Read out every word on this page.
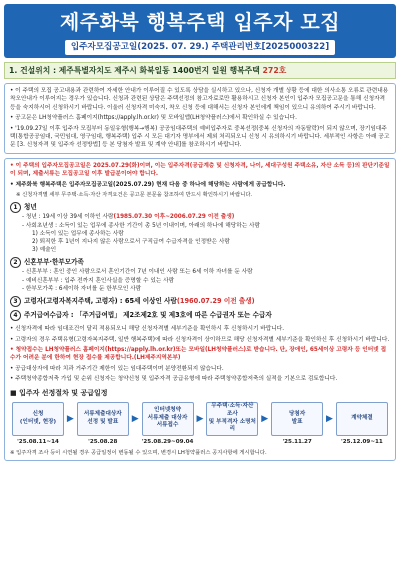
제주화북 행복주택 입주자 모집
입주자모집공고일(2025. 07. 29.) 주택관리번호[2025000322]
1. 건설위치 : 제주특별자치도 제주시 화북일동 1400번지 일원 행복주택 272호

• 이 주택의 모집 공고내용과 관련하여 자세한 안내가 이루어질 수 있도록 상담을 실시하고 있으나, 신청자 개별 상황 등에 대한 의사소통 오류로 관련내용 착오안내가 이루어지는 경우가 있습니다. 신청과 관련된 상담은 주택선정의 참고자료로만 활용하시고 신청자 본인이 입주자 모집공고문을 통해 신청자격 등을 숙지하시어 신청하시기 바랍니다. 이울러 신청자격 미숙지, 착오 신청 등에 대해서는 신청자 본인에게 책임이 있으니 유의하여 주시기 바랍니다.

• 공고문은 LH청약플러스 홈페이지(https://apply.lh.or.kr) 및 모바일앱(LH청약플러스)에서 확인하실 수 있습니다.

• '19.09.27일 이후 입주자 모집부터 동일유형(행복→행복) 공공임대주택의 예비입주자로 중복선정(중복 신청자의 자동탈락)이 되지 않으며, 장기임대주택(통합공공임대, 국민임대, 영구임대, 행복주택) 입주 시 모든 대기자 명부에서 제외 처리되오니 신청 시 유의하시기 바랍니다. 세부적인 사항은 아래 공고문 [3. 신청자격 및 입주자 선정방법] 등 본 당첨자 발표 및 계약 안내]를 참조하시기 바랍니다.

• 이 주택의 입주자모집공고일은 2025.07.29(화)이며, 이는 입주자격(공급계층 및 신청자격, 나이, 세대구성원 주택소유, 자산 소득 등)의 판단기준일이 되며, 제출서류는 모집공고일 이후 발급분이어야 합니다.

• 제주화북 행복주택은 입주자모집공고일(2025.07.29) 현재 다음 중 하나에 해당하는 사람에게 공급합니다.

※ 신청자격별 세부 무주택·소득·자산 자격요건은 공고문 본문을 참조하여 반드시 확인하시기 바랍니다.

1 청년

- 청년 : 19세 이상 39세 이하인 사람(1985.07.30 이후~2006.07.29 이전 출생)

- 사회초년생 : 소득이 있는 업무에 종사한 기간이 총 5년 이내이며, 아래의 하나에 해당하는 사람

1) 소득이 있는 업무에 종사하는 사람

2) 퇴직한 후 1년이 지나지 않은 사람으로서 구직급여 수급자격을 인정받은 사람

3) 예술인

2 신혼부부·한부모가족

- 신혼부부 : 혼인 중인 사람으로서 혼인기간이 7년 이내인 사람 또는 6세 이하 자녀를 둔 사람

- 예비신혼부부 : 입주 전까지 혼인사실을 증명할 수 있는 사람

- 한부모가족 : 6세이하 자녀를 둔 한부모인 사람

3 고령자(고령자복지주택, 고령자) : 65세 이상인 사람(1960.07.29 이전 출생)
4 주거급여수급자 : 「주거급여법」 제2조제2호 및 제3호에 따른 수급권자 또는 수급자

• 신청자격에 따라 임대조건이 달리 적용되오니 해당 신청자격별 세부기준을 확인하시 후 신청하시기 바랍니다.

• 고령자의 경우 주택유형(고령자복지주택, 일반 행복주택)에 따라 신청자격이 상이하므로 해당 신청자격별 세부기준을 확인하신 후 신청하시기 바랍니다.

• 청약접수는 LH청약플러스 홈페이지(https://apply.lh.or.kr)또는 모바일(LH청약플러스)로 받습니다. 단, 장애인, 65세이상 고령자 등 인터넷 접수가 어려운 분에 한하여 현장 접수를 제공합니다.(LH제주지역본부)

• 공급대상자에 따라 치과 거주기간 제한이 있는 임대주택이며 분양전환되지 않습니다.

• 주택청약종합저축 가입 및 순위 신청자는 청약신청 및 입주자격 공급유형에 따라 주택청약종합저축의 실적을 기본으로 검토합니다.

■ 입주자 선정절차 및 공급일정
신청
(인터넷, 현장)
'25.08.11~14
▶ 서류제출대상자
선정 및 발표
'25.08.28
▶
인터넷청약
서류제출 대상자
서류접수
'25.08.29~09.04
▶
무주택·소득·자산 조사
및 부적격자 소명처리
▶	당첨자
발표
'25.11.27
▶	계약체결
'25.12.09~11

※ 입주자격 조사 등이 시연될 경우 공급일정이 변동될 수 있으며, 변경시 LH청약플러스 공지사항에 게시합니다.
